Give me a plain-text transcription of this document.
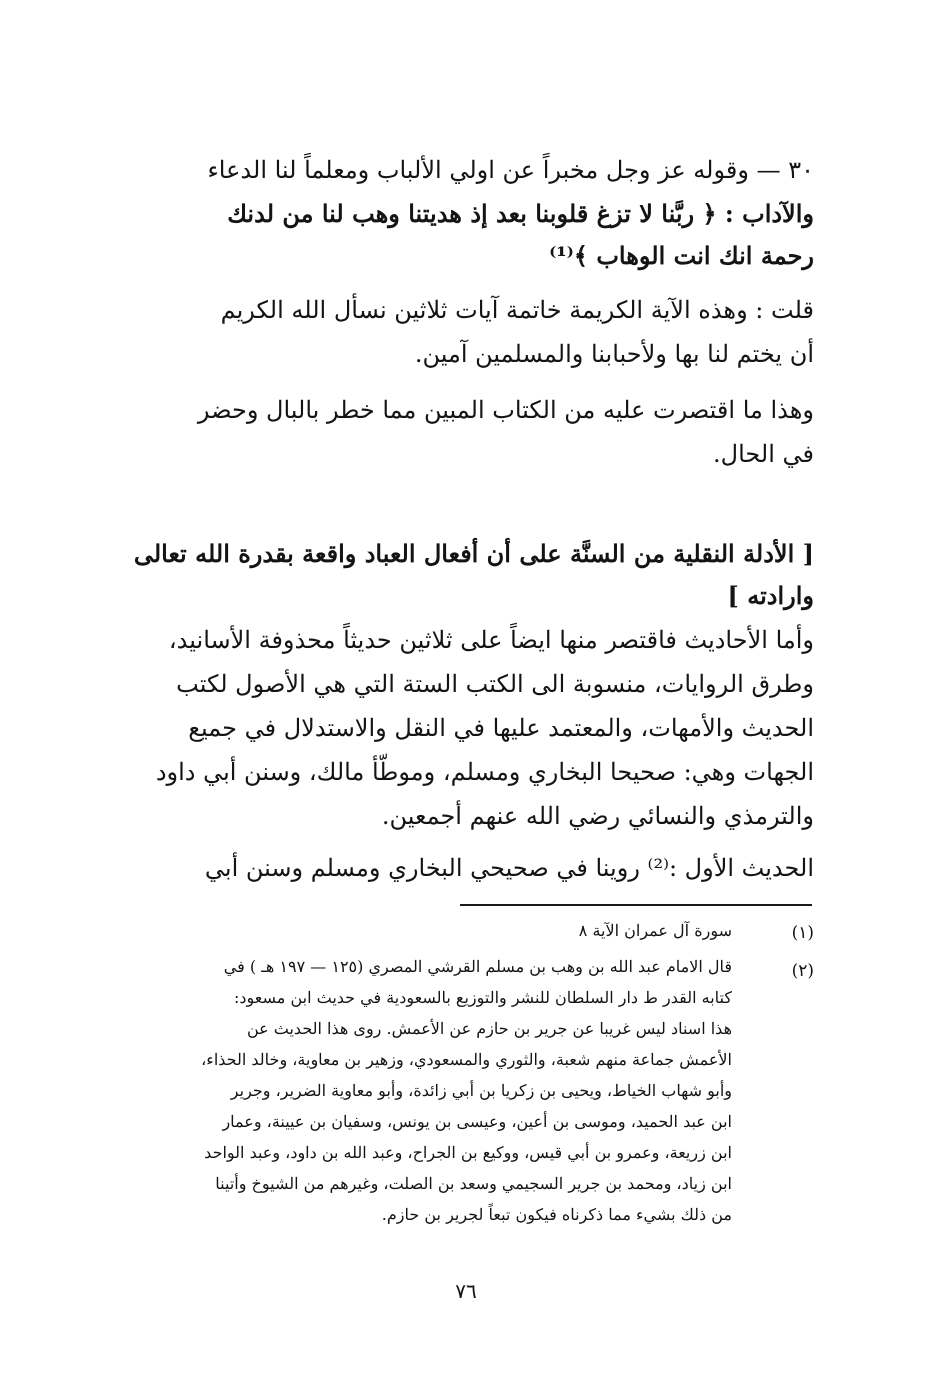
٣٠ — وقوله عز وجل مخبراً عن اولي الألباب ومعلماً لنا الدعاء
والآداب : ﴿ ربَّنا لا تزغ قلوبنا بعد إذ هديتنا وهب لنا من لدنك
رحمة انك انت الوهاب ﴾⁽¹⁾
قلت : وهذه الآية الكريمة خاتمة آيات ثلاثين نسأل الله الكريم
أن يختم لنا بها ولأحبابنا والمسلمين آمين.
وهذا ما اقتصرت عليه من الكتاب المبين مما خطر بالبال وحضر
في الحال.
[ الأدلة النقلية من السنَّة على أن أفعال العباد واقعة بقدرة الله تعالى
وارادته ]
وأما الأحاديث فاقتصر منها ايضاً على ثلاثين حديثاً محذوفة الأسانيد،
وطرق الروايات، منسوبة الى الكتب الستة التي هي الأصول لكتب
الحديث والأمهات، والمعتمد عليها في النقل والاستدلال في جميع
الجهات وهي: صحيحا البخاري ومسلم، وموطّأ مالك، وسنن أبي داود
والترمذي والنسائي رضي الله عنهم أجمعين.
الحديث الأول :⁽²⁾ روينا في صحيحي البخاري ومسلم وسنن أبي
(١)
سورة آل عمران الآية ٨
(٢)
قال الامام عبد الله بن وهب بن مسلم القرشي المصري (١٢٥ — ١٩٧ هـ ) في
كتابه القدر ط دار السلطان للنشر والتوزيع بالسعودية في حديث ابن مسعود:
هذا اسناد ليس غريبا عن جرير بن حازم عن الأعمش. روى هذا الحديث عن
الأعمش جماعة منهم شعبة، والثوري والمسعودي، وزهير بن معاوية، وخالد الحذاء،
وأبو شهاب الخياط، ويحيى بن زكريا بن أبي زائدة، وأبو معاوية الضرير، وجرير
ابن عبد الحميد، وموسى بن أعين، وعيسى بن يونس، وسفيان بن عيينة، وعمار
ابن زريعة، وعمرو بن أبي قيس، ووكيع بن الجراح، وعبد الله بن داود، وعبد الواحد
ابن زياد، ومحمد بن جرير السجيمي وسعد بن الصلت، وغيرهم من الشيوخ وأتينا
من ذلك بشيء مما ذكرناه فيكون تبعاً لجرير بن حازم.
٧٦
